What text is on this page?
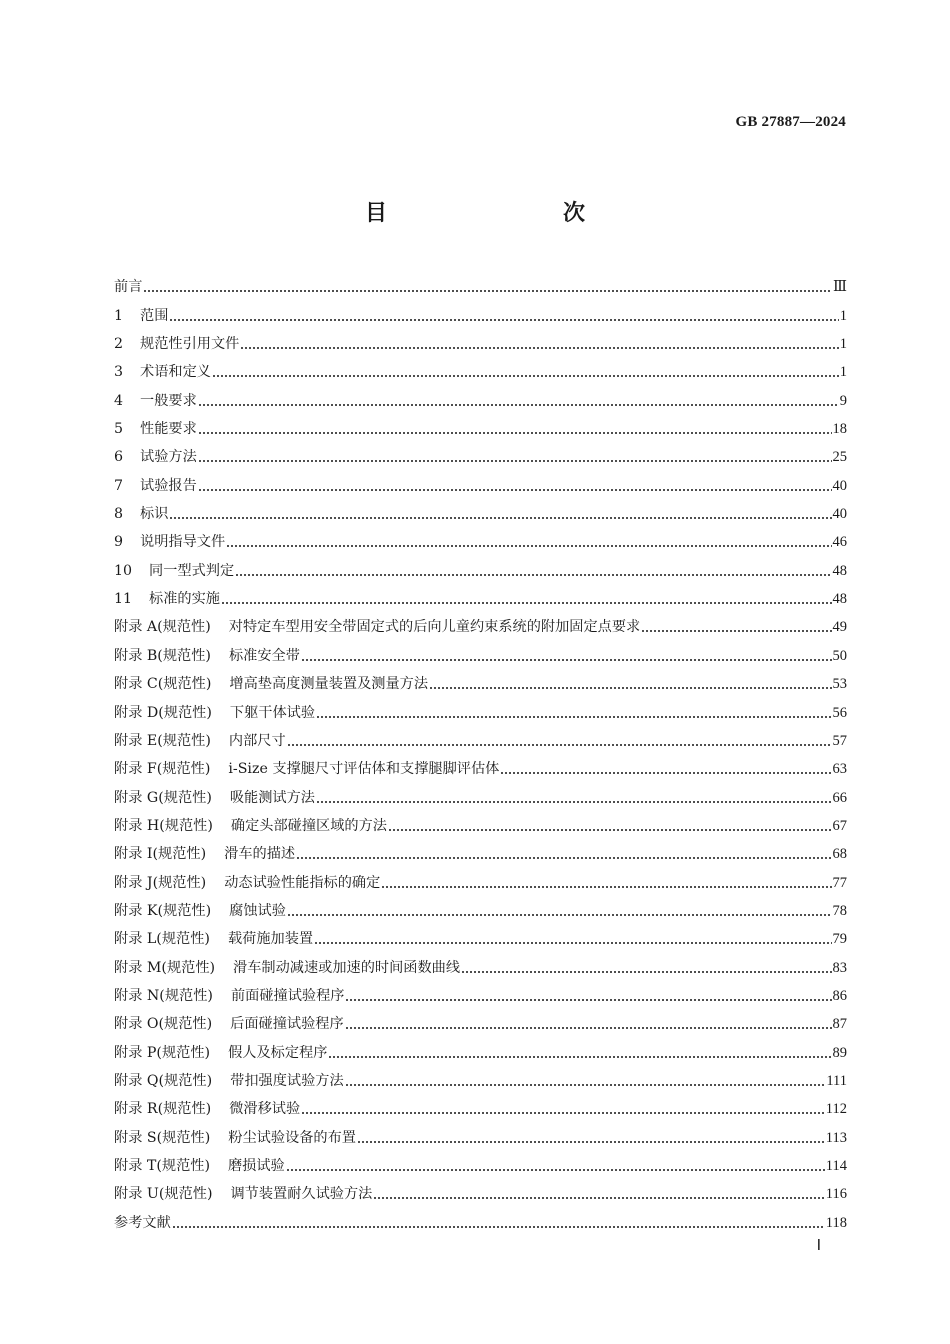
GB 27887—2024
目　　次
前言	Ⅲ
1 范围	1
2 规范性引用文件	1
3 术语和定义	1
4 一般要求	9
5 性能要求	18
6 试验方法	25
7 试验报告	40
8 标识	40
9 说明指导文件	46
10 同一型式判定	48
11 标准的实施	48
附录 A(规范性) 对特定车型用安全带固定式的后向儿童约束系统的附加固定点要求	49
附录 B(规范性) 标准安全带	50
附录 C(规范性) 增高垫高度测量装置及测量方法	53
附录 D(规范性) 下躯干体试验	56
附录 E(规范性) 内部尺寸	57
附录 F(规范性) i-Size 支撑腿尺寸评估体和支撑腿脚评估体	63
附录 G(规范性) 吸能测试方法	66
附录 H(规范性) 确定头部碰撞区域的方法	67
附录 I(规范性) 滑车的描述	68
附录 J(规范性) 动态试验性能指标的确定	77
附录 K(规范性) 腐蚀试验	78
附录 L(规范性) 载荷施加装置	79
附录 M(规范性) 滑车制动减速或加速的时间函数曲线	83
附录 N(规范性) 前面碰撞试验程序	86
附录 O(规范性) 后面碰撞试验程序	87
附录 P(规范性) 假人及标定程序	89
附录 Q(规范性) 带扣强度试验方法	111
附录 R(规范性) 微滑移试验	112
附录 S(规范性) 粉尘试验设备的布置	113
附录 T(规范性) 磨损试验	114
附录 U(规范性) 调节装置耐久试验方法	116
参考文献	118
Ⅰ
